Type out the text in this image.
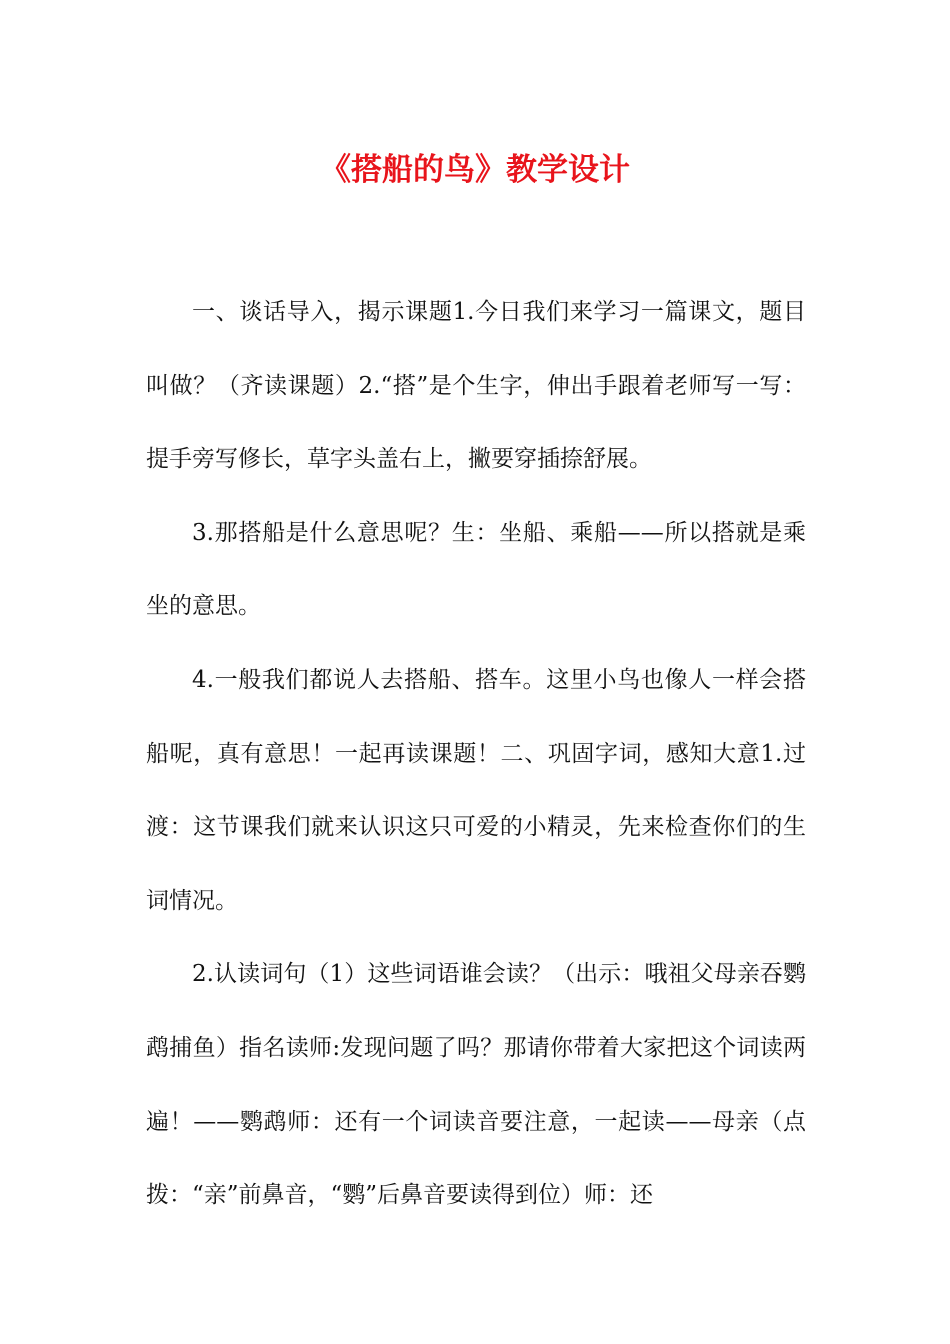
《搭船的鸟》教学设计

一、谈话导入，揭示课题1.今日我们来学习一篇课文，题目叫做？（齐读课题）2.“搭”是个生字，伸出手跟着老师写一写：提手旁写修长，草字头盖右上，撇要穿插捺舒展。

3.那搭船是什么意思呢？生：坐船、乘船——所以搭就是乘坐的意思。

4.一般我们都说人去搭船、搭车。这里小鸟也像人一样会搭船呢，真有意思！一起再读课题！二、巩固字词，感知大意1.过渡：这节课我们就来认识这只可爱的小精灵，先来检查你们的生词情况。

2.认读词句（1）这些词语谁会读？（出示：哦祖父母亲吞鹦鹉捕鱼）指名读师:发现问题了吗？那请你带着大家把这个词读两遍！——鹦鹉师：还有一个词读音要注意，一起读——母亲（点拨：“亲”前鼻音，“鹦”后鼻音要读得到位）师：还
